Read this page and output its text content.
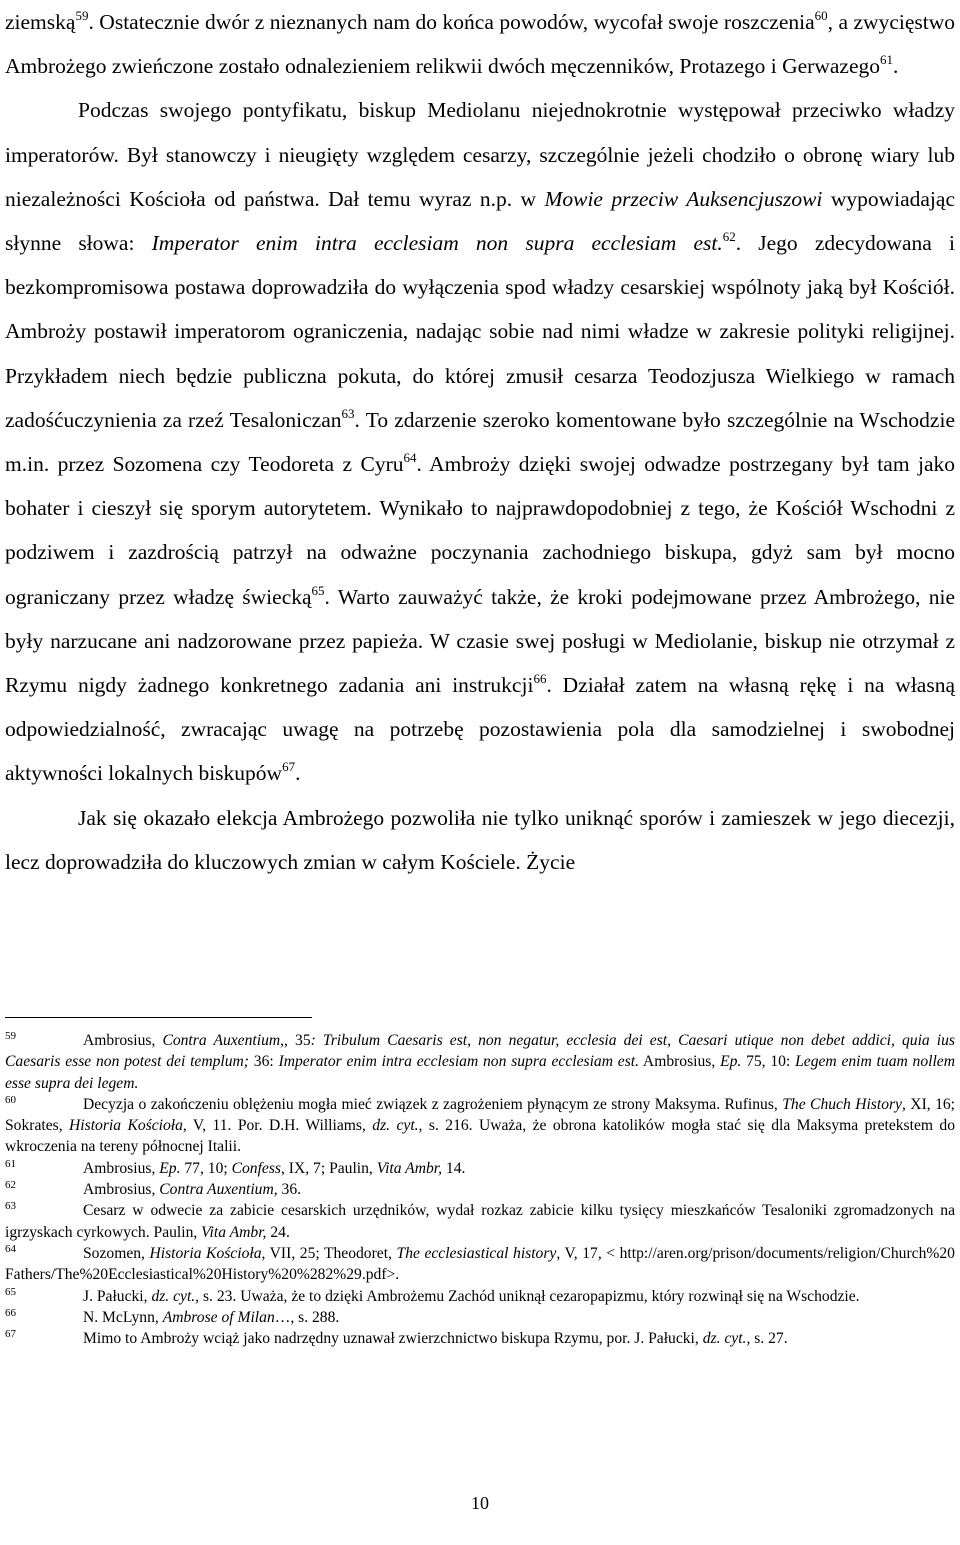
ziemską$^{59}$. Ostatecznie dwór z nieznanych nam do końca powodów, wycofał swoje roszczenia$^{60}$, a zwycięstwo Ambrożego zwieńczone zostało odnalezieniem relikwii dwóch męczenników, Protazego i Gerwazego$^{61}$.

Podczas swojego pontyfikatu, biskup Mediolanu niejednokrotnie występował przeciwko władzy imperatorów. Był stanowczy i nieugięty względem cesarzy, szczególnie jeżeli chodziło o obronę wiary lub niezależności Kościoła od państwa. Dał temu wyraz n.p. w Mowie przeciw Auksencjuszowi wypowiadając słynne słowa: Imperator enim intra ecclesiam non supra ecclesiam est.$^{62}$. Jego zdecydowana i bezkompromisowa postawa doprowadziła do wyłączenia spod władzy cesarskiej wspólnoty jaką był Kościół. Ambroży postawił imperatorom ograniczenia, nadając sobie nad nimi władze w zakresie polityki religijnej. Przykładem niech będzie publiczna pokuta, do której zmusił cesarza Teodozjusza Wielkiego w ramach zadośćuczynienia za rzeź Tesaloniczan$^{63}$. To zdarzenie szeroko komentowane było szczególnie na Wschodzie m.in. przez Sozomena czy Teodoreta z Cyru$^{64}$. Ambroży dzięki swojej odwadze postrzegany był tam jako bohater i cieszył się sporym autorytetem. Wynikało to najprawdopodobniej z tego, że Kościół Wschodni z podziwem i zazdrością patrzył na odważne poczynania zachodniego biskupa, gdyż sam był mocno ograniczany przez władzę świecką$^{65}$. Warto zauważyć także, że kroki podejmowane przez Ambrożego, nie były narzucane ani nadzorowane przez papieża. W czasie swej posługi w Mediolanie, biskup nie otrzymał z Rzymu nigdy żadnego konkretnego zadania ani instrukcji$^{66}$. Działał zatem na własną rękę i na własną odpowiedzialność, zwracając uwagę na potrzebę pozostawienia pola dla samodzielnej i swobodnej aktywności lokalnych biskupów$^{67}$.

Jak się okazało elekcja Ambrożego pozwoliła nie tylko uniknąć sporów i zamieszek w jego diecezji, lecz doprowadziła do kluczowych zmian w całym Kościele. Życie

59	Ambrosius, Contra Auxentium,, 35: Tribulum Caesaris est, non negatur, ecclesia dei est, Caesari utique non debet addici, quia ius Caesaris esse non potest dei templum; 36: Imperator enim intra ecclesiam non supra ecclesiam est. Ambrosius, Ep. 75, 10: Legem enim tuam nollem esse supra dei legem.

60	Decyzja o zakończeniu oblężeniu mogła mieć związek z zagrożeniem płynącym ze strony Maksyma. Rufinus, The Chuch History, XI, 16; Sokrates, Historia Kościoła, V, 11. Por. D.H. Williams, dz. cyt., s. 216. Uważa, że obrona katolików mogła stać się dla Maksyma pretekstem do wkroczenia na tereny północnej Italii.

61	Ambrosius, Ep. 77, 10; Confess, IX, 7; Paulin, Vita Ambr, 14.

62	Ambrosius, Contra Auxentium, 36.

63	Cesarz w odwecie za zabicie cesarskich urzędników, wydał rozkaz zabicie kilku tysięcy mieszkańców Tesaloniki zgromadzonych na igrzyskach cyrkowych. Paulin, Vita Ambr, 24.

64	Sozomen, Historia Kościoła, VII, 25; Theodoret, The ecclesiastical history, V, 17, < http://aren.org/prison/documents/religion/Church%20Fathers/The%20Ecclesiastical%20History%20%282%29.pdf>.

65	J. Pałucki, dz. cyt., s. 23. Uważa, że to dzięki Ambrożemu Zachód uniknął cezaropapizmu, który rozwinął się na Wschodzie.

66	N. McLynn, Ambrose of Milan…, s. 288.

67	Mimo to Ambroży wciąż jako nadrzędny uznawał zwierzchnictwo biskupa Rzymu, por. J. Pałucki, dz. cyt., s. 27.

10
